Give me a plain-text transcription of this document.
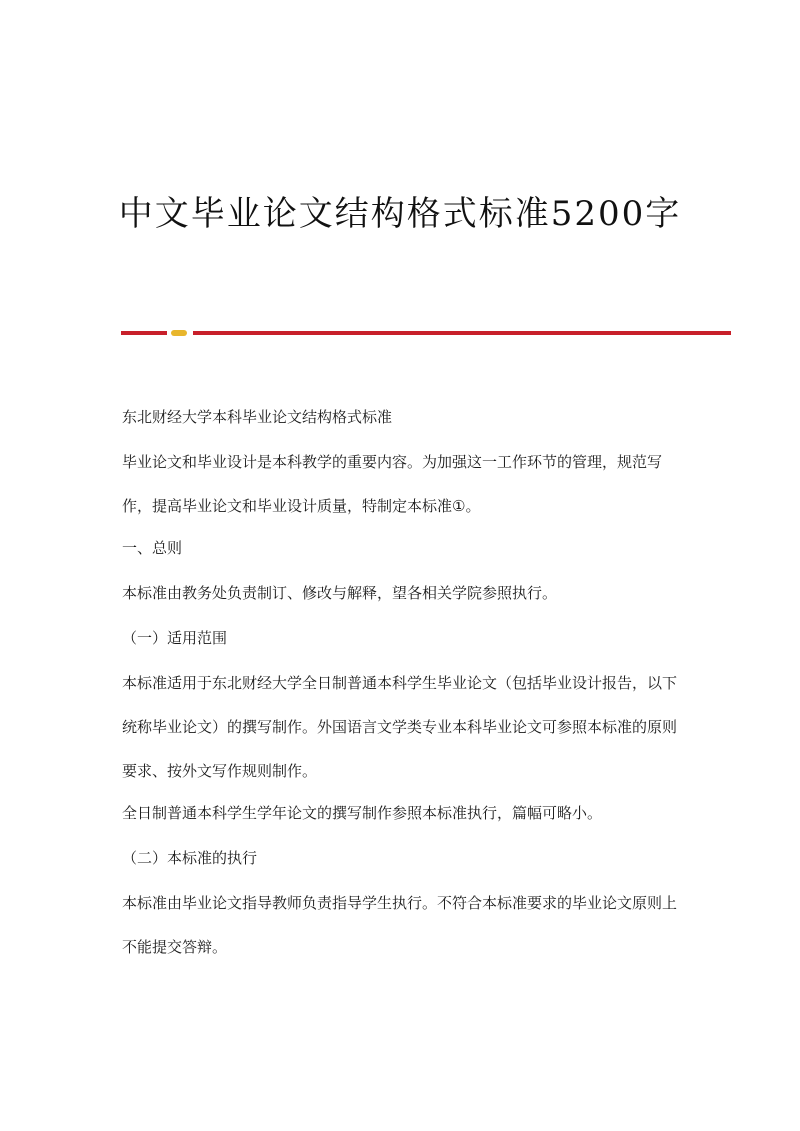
中文毕业论文结构格式标准5200字

东北财经大学本科毕业论文结构格式标准

毕业论文和毕业设计是本科教学的重要内容。为加强这一工作环节的管理，规范写作，提高毕业论文和毕业设计质量，特制定本标准①。

一、总则

本标准由教务处负责制订、修改与解释，望各相关学院参照执行。

（一）适用范围

本标准适用于东北财经大学全日制普通本科学生毕业论文（包括毕业设计报告，以下统称毕业论文）的撰写制作。外国语言文学类专业本科毕业论文可参照本标准的原则要求、按外文写作规则制作。

全日制普通本科学生学年论文的撰写制作参照本标准执行，篇幅可略小。

（二）本标准的执行

本标准由毕业论文指导教师负责指导学生执行。不符合本标准要求的毕业论文原则上不能提交答辩。
